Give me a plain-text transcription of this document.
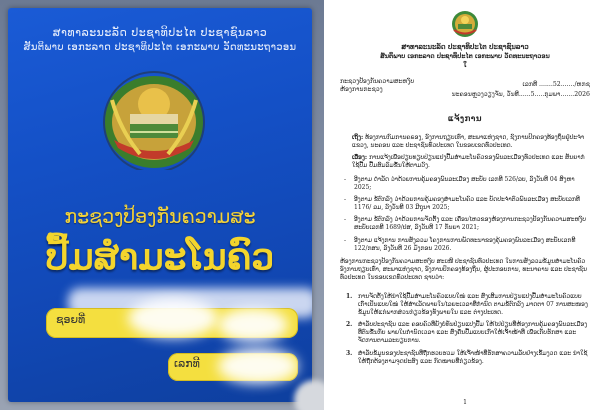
ສາທາລະນະລັດ ປະຊາທິປະໄຕ ປະຊາຊົນລາວ
ສັນຕິພາບ ເອກະລາດ ປະຊາທິປະໄຕ ເອກະພາບ ວັດທະນະຖາວອນ
ກະຊວງປ້ອງກັນຄວາມສະ
ປື້ມສຳມະໂນຄົວ
ຊອຍທີ່
ເລກທີ
ສາທາລະນະລັດ ປະຊາທິປະໄຕ ປະຊາຊົນລາວ
ສັນຕິພາບ ເອກະລາດ ປະຊາທິປະໄຕ ເອກະພາບ ວັດທະນະຖາວອນ
ໃ
ກະຊວງປ້ອງກັນຄວາມສະຫງົບ
ຫ້ອງການກະຊວງ
ເລກທີ .......52......./ຫກຊ
ນະຄອນຫຼວງວຽງຈັນ, ວັນທີ......5.....ກຸມພາ.......2026
ແຈ້ງການ
ເຖິງ: ທ້ອງການກົມການຄຣອງ, ອົງການຖຽບເທົ່າ, ສະພາແຫ່ງຊາດ, ຊົງການປົກຄອງທ້ອງຖິ່ນຢູ່ປະຈຳແຂວງ, ນະຄອນ ແລະ ປະຊາຊົນທົ່ວປະເທດ ໃນຂອບເຂດທົ່ວປະເທດ.
ເລື່ອງ: ການແຈ້ງເພື່ອປຽບທຽບປ່ຽນແປງປື້ມສຳມະໂນຄົວຂອງພົນລະເມືອງທົ່ວປະເທດ ແລະ ສັນຍາກໍໃຊ້ປື້ມ ປື້ມສົມລົມຂຶ້ນໃຫ້ຕາມວົງ.
- ອີງຕາມ ດຳລັດ ວ່າດ້ວຍການຄຸ້ມຄອງພົນລະເມືອງ ສະບັບ ເລກທີ 526/ລບ, ລົງວັນທີ 04 ສິງຫາ 2025;
- ອີງຕາມ ຂໍ້ຕົກລົງ ວ່າດ້ວຍການຄຸ້ມຄອງສຳມະໂນຄົວ ແລະ ບັດປະຈຳຕົວພົນລະເມືອງ ສະບັບເລກທີ 1176/ ລມ, ລົງວັນທີ 03 ມີຖຸນາ 2025;
- ອີງຕາມ ຂໍ້ຕົກລົງ ວ່າດ້ວຍການຈັດຕັ້ງ ແລະ ເຄື່ອນໄຫວຂອງຫ້ອງການກະຊວງປ້ອງກັນຄວາມສະຫງົບ ສະບັບເລກທີ 1689/ປສ, ລົງວັນທີ 17 ກັນຍາ 2021;
- ອີງຕາມ ແຈ້ງການ ການສັງລວມ ໂຄງການການພັດທະນາຂອງຄຸ້ມຄອງພົນລະເມືອງ ສະບັບເລກທີ 122/ກສນ, ລົງວັນທີ 26 ມັງກອນ 2026.
ຫ້ອງການກະຊວງປ້ອງກັນຄວາມສະຫງົບ ສະເໜີ ປະຊາຊົນທົ່ວປະເທດ ໃນການສັງລວມຂໍ້ມູນສຳມະໂນຄົວ ອົງການຖຽບເທົ່າ, ສະພາແຫ່ງຊາດ, ອົງການປົກຄອງທ້ອງຖິ່ນ, ຜູ້ປະກອບການ, ທະນາຄານ ແລະ ປະຊາຊົນທົ່ວປະເທດ ໃນຂອບເຂດທົ່ວປະເທດ ຊາບວ່າ:
1. ການຈັດຕັ້ງໃຫ້ນຳໃຊ້ປື້ມສຳມະໂນຄົວແບບໃໝ່ ແລະ ສົ່ງເສີມການປ່ຽນແປງປື້ມສຳມະໂນຄົວແບບເກົ່າເປັນແບບໃໝ່ ໃຫ້ສຳເລັດພາຍໃນໄລຍະເວລາທີ່ກຳນົດ ຕາມຂໍ້ຕົກລົງ ມາດຕາ 07 ການສະໜອງຂໍ້ມູນໃຫ້ແກ່ພາກສ່ວນກ່ຽວຂ້ອງທັງພາຍໃນ ແລະ ຕ່າງປະເທດ.
2. ສຳລັບປະຊາຊົນ ແລະ ຄອບຄົວທີ່ຍັງບໍ່ທັນປ່ຽນແປງປື້ມ ໃຫ້ໄປປ່ຽນທີ່ຫ້ອງການຄຸ້ມຄອງພົນລະເມືອງທີ່ຕົນຂຶ້ນກັບ ພາຍໃນກຳນົດເວລາ ແລະ ສົ່ງຄືນປື້ມແບບເກົ່າໃຫ້ເຈົ້າໜ້າທີ່ ເພື່ອເກັບຮັກສາ ແລະ ຈັດການຕາມລະບຽບການ.
3. ສຳລັບຂໍ້ມູນຂອງປະຊາຊົນທີ່ຖືກຮວບຮວມ ໃຫ້ເຈົ້າໜ້າທີ່ຮັກສາຄວາມລັບຢ່າງເຂັ້ມງວດ ແລະ ນຳໃຊ້ໃຫ້ຖືກຕ້ອງຕາມຈຸດປະສົງ ແລະ ກົດໝາຍທີ່ກ່ຽວຂ້ອງ.
1
